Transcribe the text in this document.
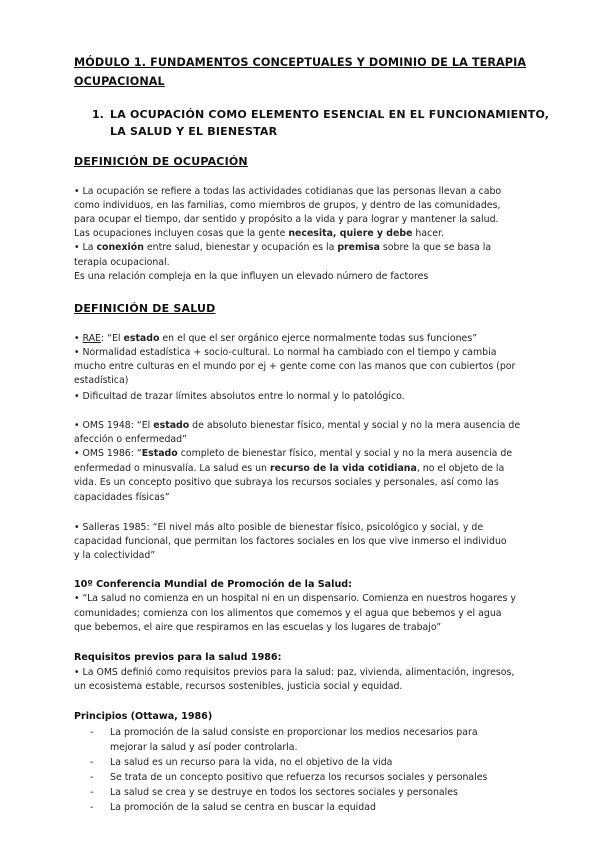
MÓDULO 1. FUNDAMENTOS CONCEPTUALES Y DOMINIO DE LA TERAPIA
OCUPACIONAL
1. LA OCUPACIÓN COMO ELEMENTO ESENCIAL EN EL FUNCIONAMIENTO,
LA SALUD Y EL BIENESTAR
DEFINICIÓN DE OCUPACIÓN
• La ocupación se refiere a todas las actividades cotidianas que las personas llevan a cabo
como individuos, en las familias, como miembros de grupos, y dentro de las comunidades,
para ocupar el tiempo, dar sentido y propósito a la vida y para lograr y mantener la salud.
Las ocupaciones incluyen cosas que la gente necesita, quiere y debe hacer.
• La conexión entre salud, bienestar y ocupación es la premisa sobre la que se basa la
terapia ocupacional.
Es una relación compleja en la que influyen un elevado número de factores
DEFINICIÓN DE SALUD
• RAE: “El estado en el que el ser orgánico ejerce normalmente todas sus funciones”
• Normalidad estadística + socio-cultural. Lo normal ha cambiado con el tiempo y cambia
mucho entre culturas en el mundo por ej + gente come con las manos que con cubiertos (por
estadística)
• Dificultad de trazar límites absolutos entre lo normal y lo patológico.
• OMS 1948: “El estado de absoluto bienestar físico, mental y social y no la mera ausencia de
afección o enfermedad”
• OMS 1986: “Estado completo de bienestar físico, mental y social y no la mera ausencia de
enfermedad o minusvalía. La salud es un recurso de la vida cotidiana, no el objeto de la
vida. Es un concepto positivo que subraya los recursos sociales y personales, así como las
capacidades físicas”
• Salleras 1985: “El nivel más alto posible de bienestar físico, psicológico y social, y de
capacidad funcional, que permitan los factores sociales en los que vive inmerso el individuo
y la colectividad”
10º Conferencia Mundial de Promoción de la Salud:
• “La salud no comienza en un hospital ni en un dispensario. Comienza en nuestros hogares y
comunidades; comienza con los alimentos que comemos y el agua que bebemos y el agua
que bebemos, el aire que respiramos en las escuelas y los lugares de trabajo”
Requisitos previos para la salud 1986:
• La OMS definió como requisitos previos para la salud: paz, vivienda, alimentación, ingresos,
un ecosistema estable, recursos sostenibles, justicia social y equidad.
Principios (Ottawa, 1986)
- La promoción de la salud consiste en proporcionar los medios necesarios para
mejorar la salud y así poder controlarla.
- La salud es un recurso para la vida, no el objetivo de la vida
- Se trata de un concepto positivo que refuerza los recursos sociales y personales
- La salud se crea y se destruye en todos los sectores sociales y personales
- La promoción de la salud se centra en buscar la equidad
